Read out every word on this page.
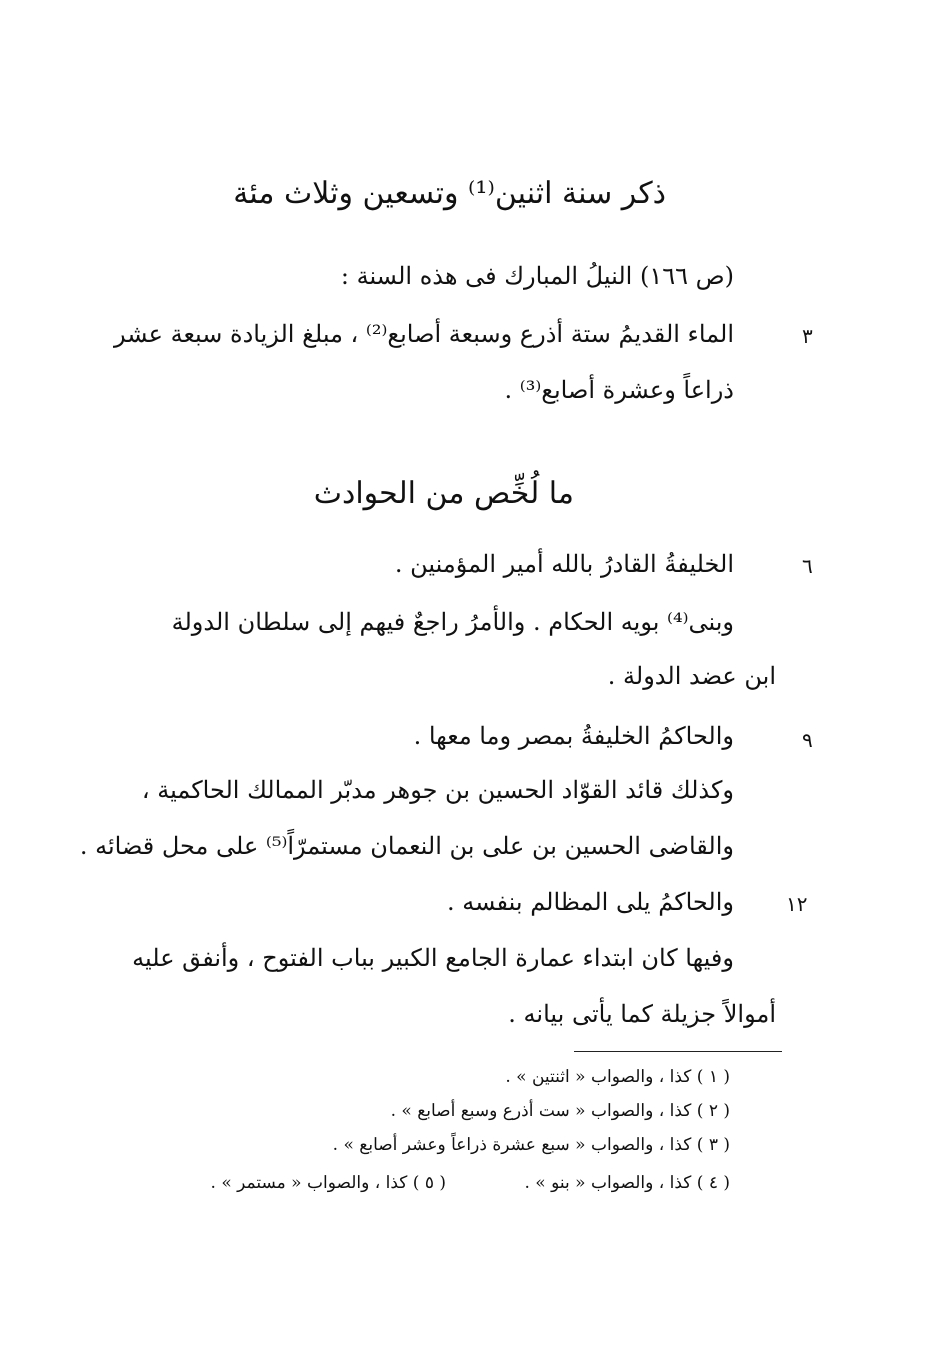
ذكر سنة اثنين⁽¹⁾ وتسعين وثلاث مئة
(ص ١٦٦) النيلُ المبارك فى هذه السنة :
٣
الماء القديمُ ستة أذرع وسبعة أصابع⁽²⁾ ، مبلغ الزيادة سبعة عشر
ذراعاً وعشرة أصابع⁽³⁾ .
ما لُخِّص من الحوادث
٦
الخليفةُ القادرُ بالله أمير المؤمنين .
وبنى⁽⁴⁾ بويه الحكام . والأمرُ راجعٌ فيهم إلى سلطان الدولة
ابن عضد الدولة .
٩
والحاكمُ الخليفةُ بمصر وما معها .
وكذلك قائد القوّاد الحسين بن جوهر مدبّر الممالك الحاكمية ،
والقاضى الحسين بن على بن النعمان مستمرّاً⁽⁵⁾ على محل قضائه .
١٢
والحاكمُ يلى المظالم بنفسه .
وفيها كان ابتداء عمارة الجامع الكبير بباب الفتوح ، وأنفق عليه
أموالاً جزيلة كما يأتى بيانه .
( ١ ) كذا ، والصواب « اثنتين » .
( ٢ ) كذا ، والصواب « ست أذرع وسبع أصابع » .
( ٣ ) كذا ، والصواب « سبع عشرة ذراعاً وعشر أصابع » .
( ٤ ) كذا ، والصواب « بنو » .
( ٥ ) كذا ، والصواب « مستمر » .
